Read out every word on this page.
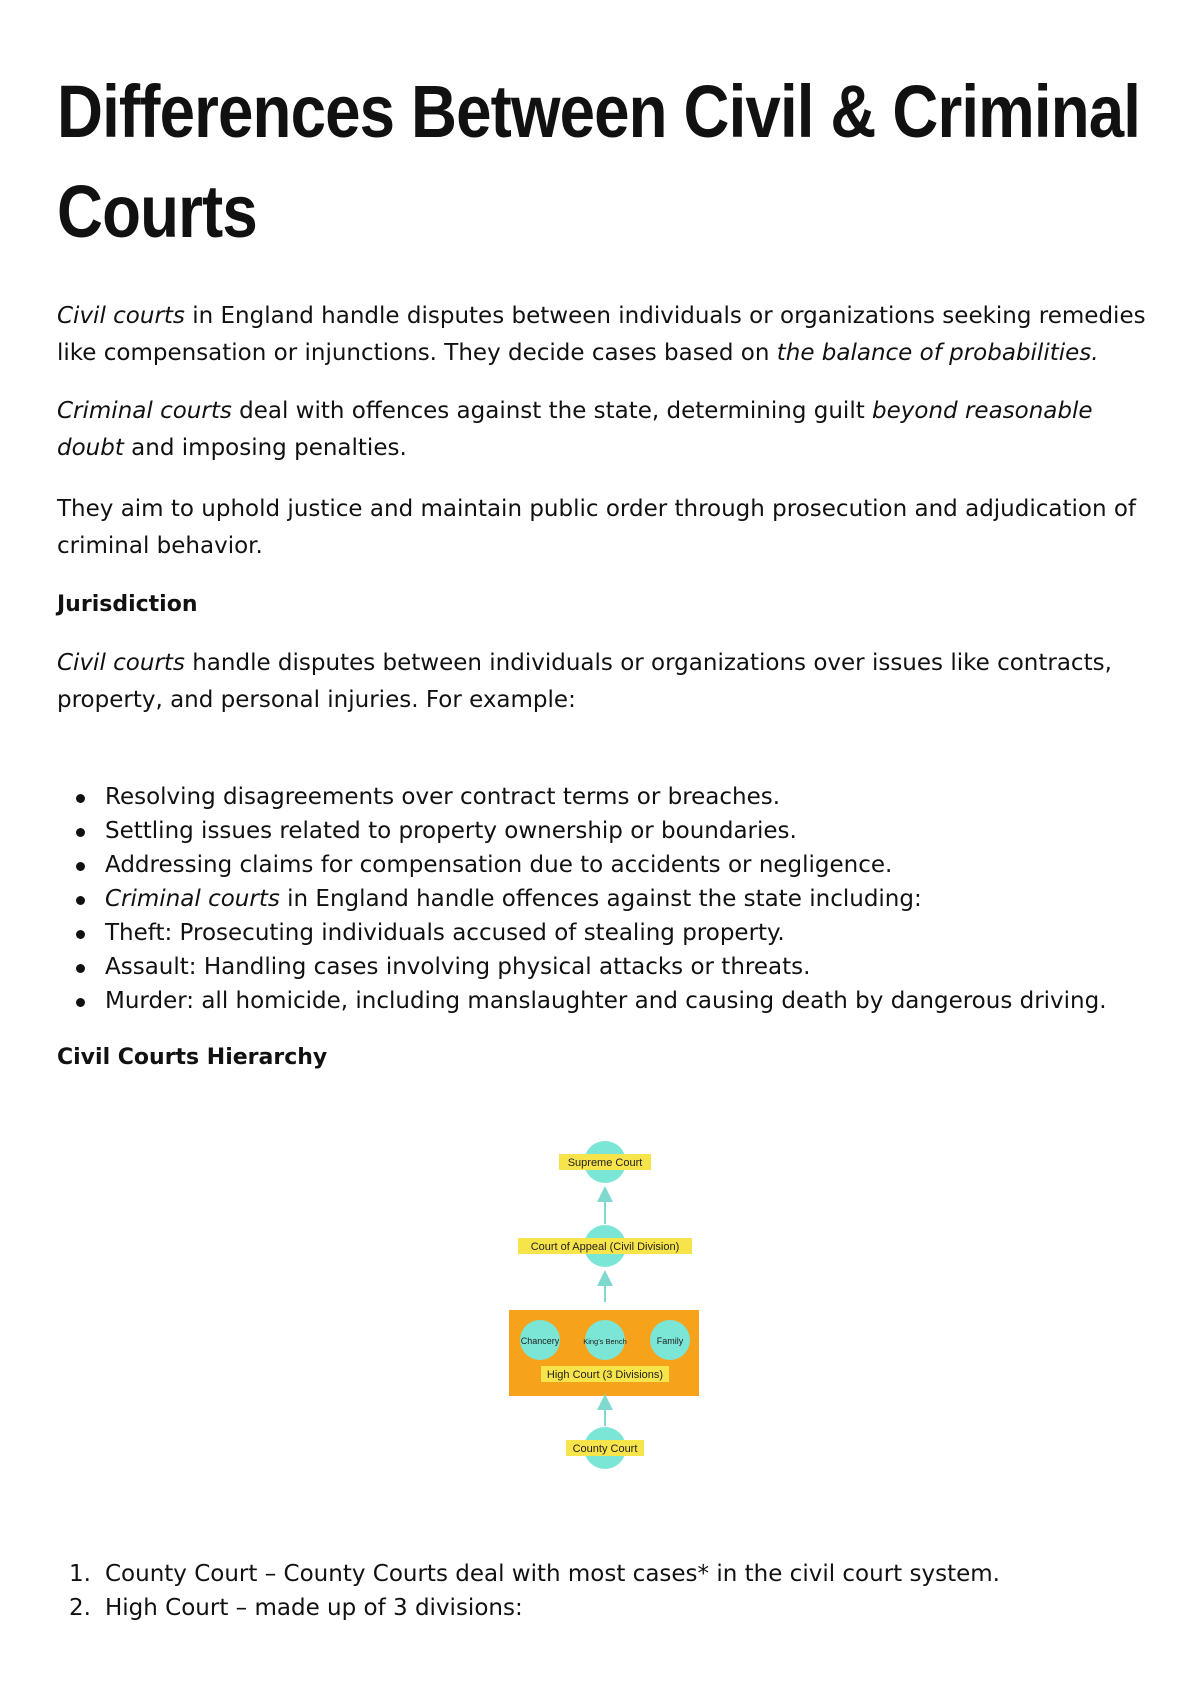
Differences Between Civil & Criminal Courts

Civil courts in England handle disputes between individuals or organizations seeking remedies like compensation or injunctions. They decide cases based on the balance of probabilities.

Criminal courts deal with offences against the state, determining guilt beyond reasonable doubt and imposing penalties.

They aim to uphold justice and maintain public order through prosecution and adjudication of criminal behavior.

Jurisdiction

Civil courts handle disputes between individuals or organizations over issues like contracts, property, and personal injuries. For example:

Resolving disagreements over contract terms or breaches.
Settling issues related to property ownership or boundaries.
Addressing claims for compensation due to accidents or negligence.
Criminal courts in England handle offences against the state including:
Theft: Prosecuting individuals accused of stealing property.
Assault: Handling cases involving physical attacks or threats.
Murder: all homicide, including manslaughter and causing death by dangerous driving.
Civil Courts Hierarchy
Supreme Court
Court of Appeal (Civil Division)
Chancery	King's Bench	Family
High Court (3 Divisions)
County Court
1. County Court – County Courts deal with most cases* in the civil court system.
2. High Court – made up of 3 divisions:
